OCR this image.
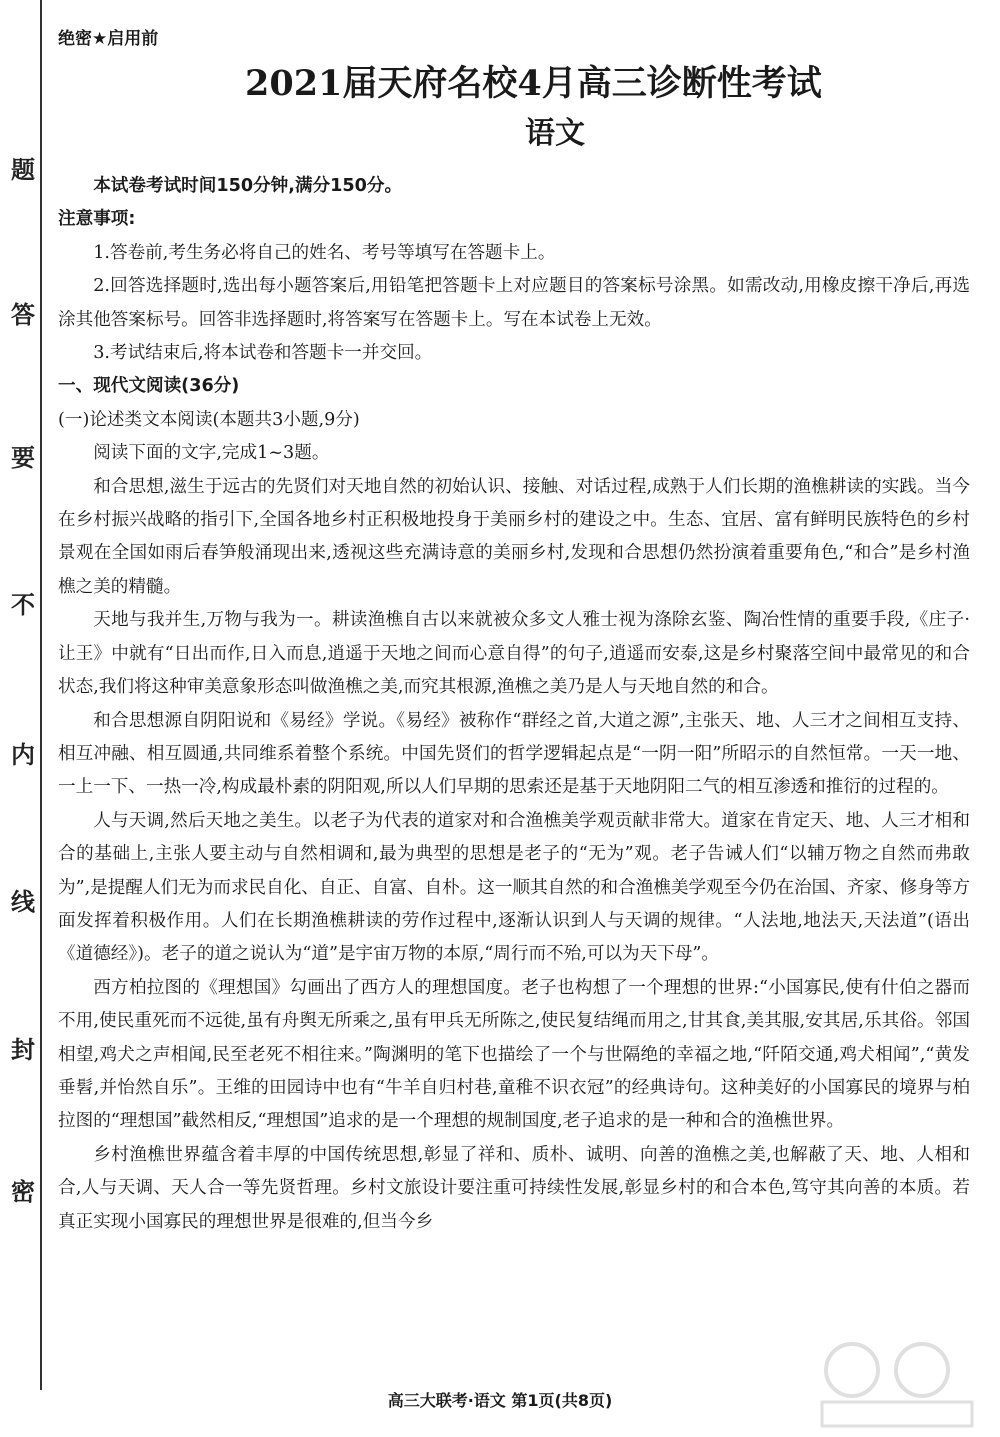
题
答
要
不
内
线
封
密
绝密★启用前
2021届天府名校4月高三诊断性考试
语文

本试卷考试时间150分钟,满分150分。

注意事项:

1.答卷前,考生务必将自己的姓名、考号等填写在答题卡上。

2.回答选择题时,选出每小题答案后,用铅笔把答题卡上对应题目的答案标号涂黑。如需改动,用橡皮擦干净后,再选涂其他答案标号。回答非选择题时,将答案写在答题卡上。写在本试卷上无效。

3.考试结束后,将本试卷和答题卡一并交回。

一、现代文阅读(36分)

(一)论述类文本阅读(本题共3小题,9分)

阅读下面的文字,完成1~3题。

和合思想,滋生于远古的先贤们对天地自然的初始认识、接触、对话过程,成熟于人们长期的渔樵耕读的实践。当今在乡村振兴战略的指引下,全国各地乡村正积极地投身于美丽乡村的建设之中。生态、宜居、富有鲜明民族特色的乡村景观在全国如雨后春笋般涌现出来,透视这些充满诗意的美丽乡村,发现和合思想仍然扮演着重要角色,“和合”是乡村渔樵之美的精髓。

天地与我并生,万物与我为一。耕读渔樵自古以来就被众多文人雅士视为涤除玄鉴、陶冶性情的重要手段,《庄子·让王》中就有“日出而作,日入而息,逍遥于天地之间而心意自得”的句子,逍遥而安泰,这是乡村聚落空间中最常见的和合状态,我们将这种审美意象形态叫做渔樵之美,而究其根源,渔樵之美乃是人与天地自然的和合。

和合思想源自阴阳说和《易经》学说。《易经》被称作“群经之首,大道之源”,主张天、地、人三才之间相互支持、相互冲融、相互圆通,共同维系着整个系统。中国先贤们的哲学逻辑起点是“一阴一阳”所昭示的自然恒常。一天一地、一上一下、一热一冷,构成最朴素的阴阳观,所以人们早期的思索还是基于天地阴阳二气的相互渗透和推衍的过程的。

人与天调,然后天地之美生。以老子为代表的道家对和合渔樵美学观贡献非常大。道家在肯定天、地、人三才相和合的基础上,主张人要主动与自然相调和,最为典型的思想是老子的“无为”观。老子告诫人们“以辅万物之自然而弗敢为”,是提醒人们无为而求民自化、自正、自富、自朴。这一顺其自然的和合渔樵美学观至今仍在治国、齐家、修身等方面发挥着积极作用。人们在长期渔樵耕读的劳作过程中,逐渐认识到人与天调的规律。“人法地,地法天,天法道”(语出《道德经》)。老子的道之说认为“道”是宇宙万物的本原,“周行而不殆,可以为天下母”。

西方柏拉图的《理想国》勾画出了西方人的理想国度。老子也构想了一个理想的世界:“小国寡民,使有什伯之器而不用,使民重死而不远徙,虽有舟舆无所乘之,虽有甲兵无所陈之,使民复结绳而用之,甘其食,美其服,安其居,乐其俗。邻国相望,鸡犬之声相闻,民至老死不相往来。”陶渊明的笔下也描绘了一个与世隔绝的幸福之地,“阡陌交通,鸡犬相闻”,“黄发垂髫,并怡然自乐”。王维的田园诗中也有“牛羊自归村巷,童稚不识衣冠”的经典诗句。这种美好的小国寡民的境界与柏拉图的“理想国”截然相反,“理想国”追求的是一个理想的规制国度,老子追求的是一种和合的渔樵世界。

乡村渔樵世界蕴含着丰厚的中国传统思想,彰显了祥和、质朴、诚明、向善的渔樵之美,也解蔽了天、地、人相和合,人与天调、天人合一等先贤哲理。乡村文旅设计要注重可持续性发展,彰显乡村的和合本色,笃守其向善的本质。若真正实现小国寡民的理想世界是很难的,但当今乡

高三大联考·语文 第1页(共8页)
